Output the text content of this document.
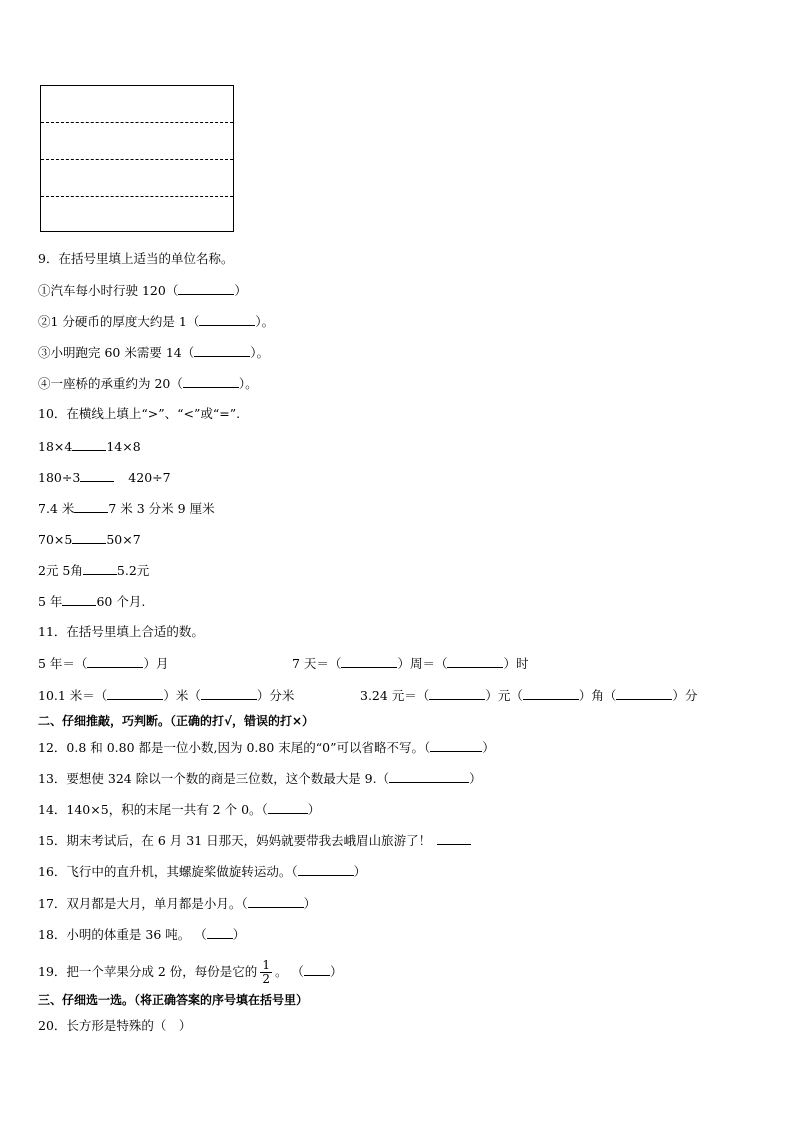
9．在括号里填上适当的单位名称。
①汽车每小时行驶 120（	）
②1 分硬币的厚度大约是 1（	）。
③小明跑完 60 米需要 14（	）。
④一座桥的承重约为 20（	）。
10．在横线上填上“>”、“<”或“=”.
18×4	14×8
180÷3	420÷7
7.4 米	7 米 3 分米 9 厘米
70×5	50×7
2元 5角	5.2元
5 年	60 个月.
11．在括号里填上合适的数。
5 年＝（	）月	7 天＝（	）周＝（	）时
10.1 米＝（	）米（	）分米	3.24 元＝（	）元（	）角（	）分
二、仔细推敲，巧判断。（正确的打√，错误的打×）
12．0.8 和 0.80 都是一位小数,因为 0.80 末尾的“0”可以省略不写。（	）
13．要想使 324 除以一个数的商是三位数，这个数最大是 9.（	）
14．140×5，积的末尾一共有 2 个 0。（	）
15．期末考试后，在 6 月 31 日那天，妈妈就要带我去峨眉山旅游了！
16．飞行中的直升机，其螺旋桨做旋转运动。（	）
17．双月都是大月，单月都是小月。（	）
18．小明的体重是 36 吨。 （ ）
19．把一个苹果分成 2 份，每份是它的 $\frac{1}{2}$ 。 （ ）
三、仔细选一选。（将正确答案的序号填在括号里）
20．长方形是特殊的（　）
